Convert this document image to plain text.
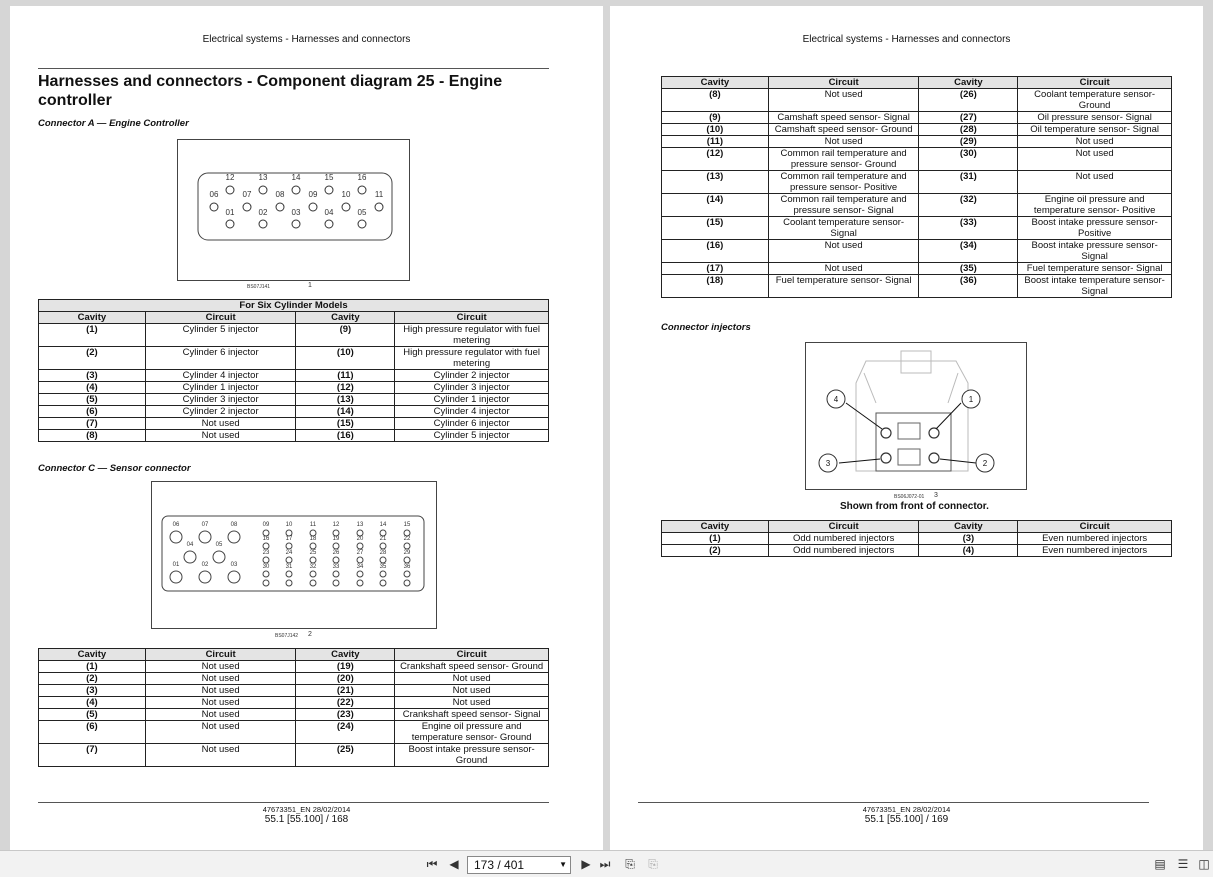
Electrical systems - Harnesses and connectors
Harnesses and connectors - Component diagram 25 - Engine controller
Connector A — Engine Controller
12	13	14	15	16
06	07	08	09	10	11
01	02	03	04	05
BS07J141	1
For Six Cylinder Models			
Cavity	Circuit	Cavity	Circuit
(1)	Cylinder 5 injector	(9)	High pressure regulator with fuel metering
(2)	Cylinder 6 injector	(10)	High pressure regulator with fuel metering
(3)	Cylinder 4 injector	(11)	Cylinder 2 injector
(4)	Cylinder 1 injector	(12)	Cylinder 3 injector
(5)	Cylinder 3 injector	(13)	Cylinder 1 injector
(6)	Cylinder 2 injector	(14)	Cylinder 4 injector
(7)	Not used	(15)	Cylinder 6 injector
(8)	Not used	(16)	Cylinder 5 injector
Connector C — Sensor connector
06	07	08
04	05
01	02	03
09
16
23
30
10
17
24
31
11
18
25
32
12
19
26
33
13
20
27
34
14
21
28
35
15
22
29
36
BS07J142 2
Cavity	Circuit	Cavity	Circuit
(1)	Not used	(19)	Crankshaft speed sensor- Ground
(2)	Not used	(20)	Not used
(3)	Not used	(21)	Not used
(4)	Not used	(22)	Not used
(5)	Not used	(23)	Crankshaft speed sensor- Signal
(6)	Not used	(24)	Engine oil pressure and temperature sensor- Ground
(7)	Not used	(25)	Boost intake pressure sensor- Ground
47673351_EN 28/02/2014
55.1 [55.100] / 168
Electrical systems - Harnesses and connectors
Cavity	Circuit	Cavity	Circuit
(8)	Not used	(26)	Coolant temperature sensor- Ground
(9)	Camshaft speed sensor- Signal	(27)	Oil pressure sensor- Signal
(10)	Camshaft speed sensor- Ground	(28)	Oil temperature sensor- Signal
(11)	Not used	(29)	Not used
(12)	Common rail temperature and pressure sensor- Ground	(30)	Not used
(13)	Common rail temperature and pressure sensor- Positive	(31)	Not used
(14)	Common rail temperature and pressure sensor- Signal	(32)	Engine oil pressure and temperature sensor- Positive
(15)	Coolant temperature sensor- Signal	(33)	Boost intake pressure sensor- Positive
(16)	Not used	(34)	Boost intake pressure sensor- Signal
(17)	Not used	(35)	Fuel temperature sensor- Signal
(18)	Fuel temperature sensor- Signal	(36)	Boost intake temperature sensor- Signal
Connector injectors
1
2
3
4
BS06J072-01 3
Shown from front of connector.
Cavity	Circuit	Cavity	Circuit
(1)	Odd numbered injectors	(3)	Even numbered injectors
(2)	Odd numbered injectors	(4)	Even numbered injectors
47673351_EN 28/02/2014
55.1 [55.100] / 169
⏮ ◀	173 / 401	▼ ▶ ⏭ ⎘ ⎘	▤ ☰ ◫
